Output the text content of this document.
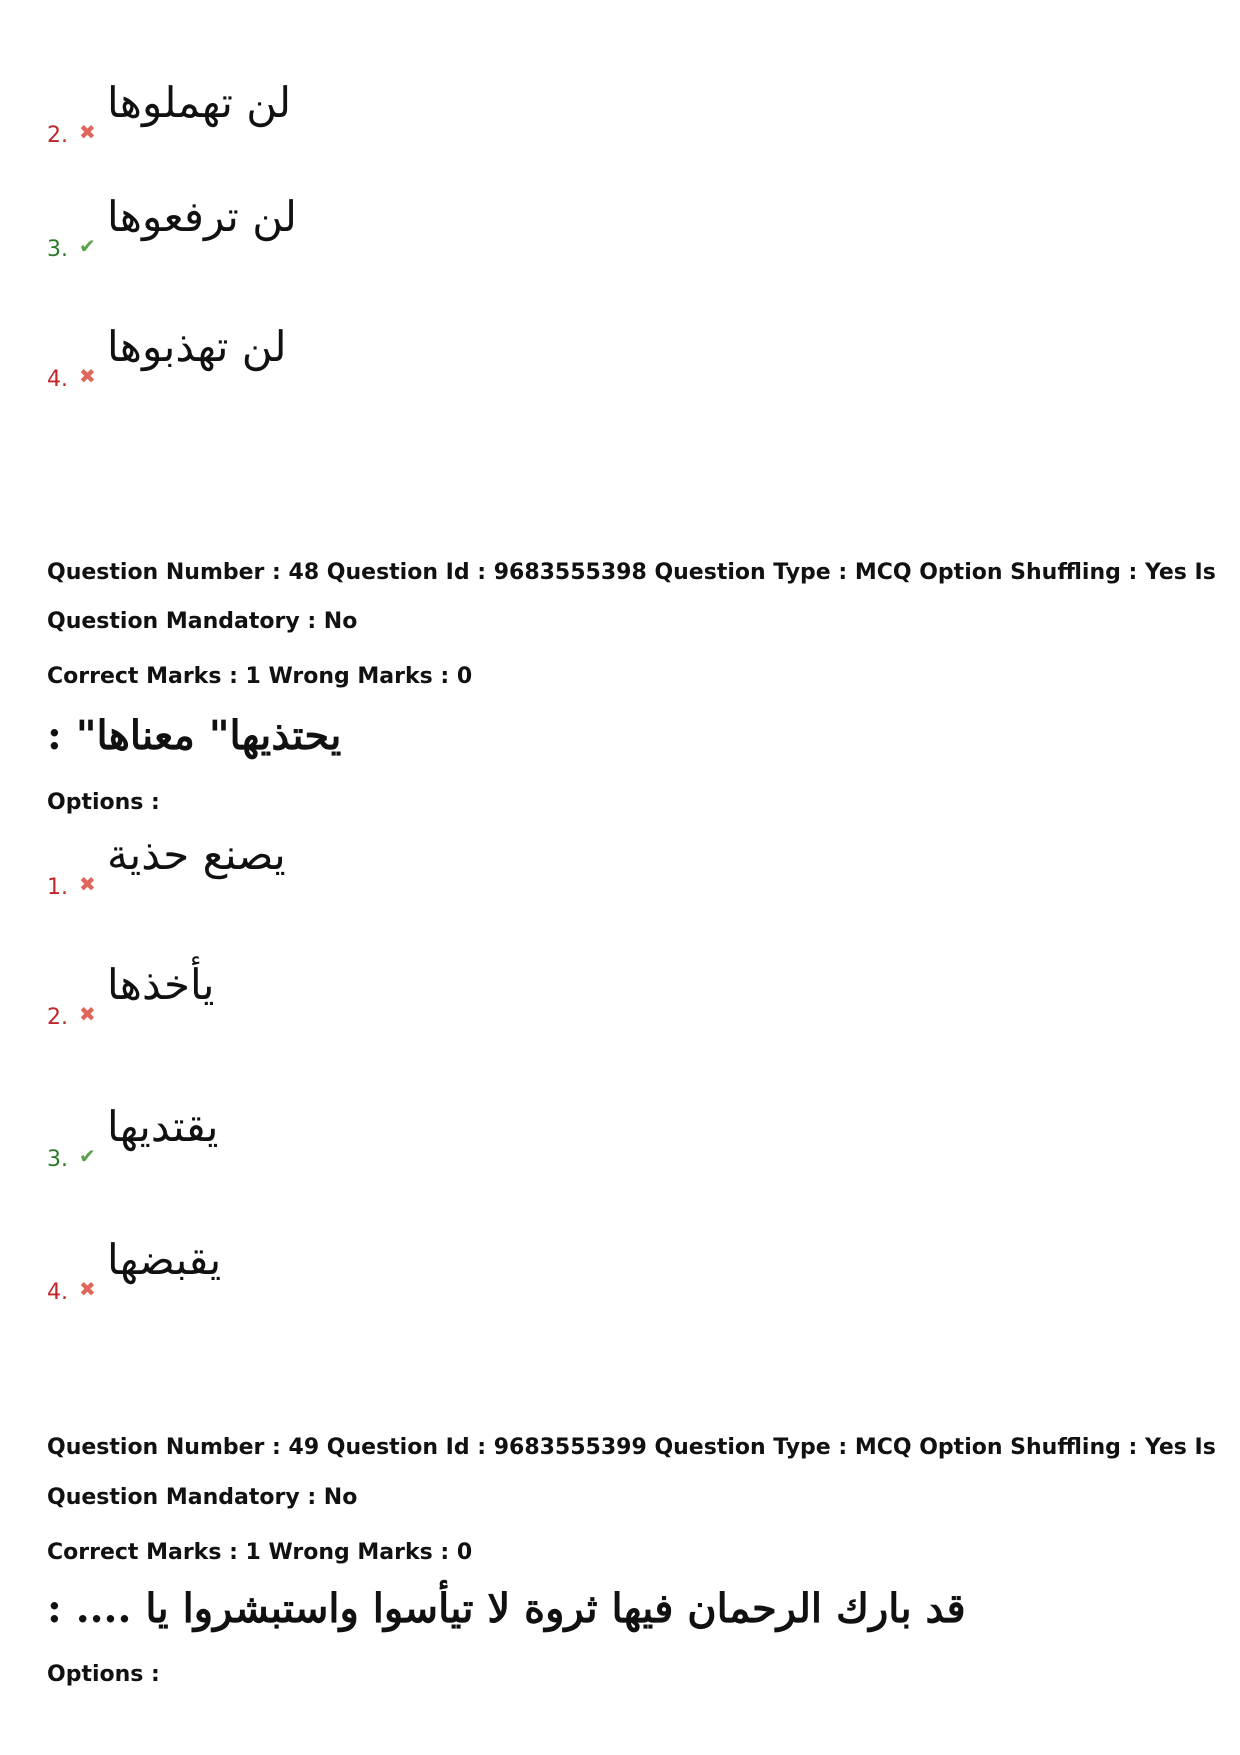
2. ✖
لن تهملوها
3. ✔
لن ترفعوها
4. ✖
لن تهذبوها
Question Number : 48 Question Id : 9683555398 Question Type : MCQ Option Shuffling : Yes Is
Question Mandatory : No
Correct Marks : 1 Wrong Marks : 0
: "يحتذيها" معناها
Options :
1. ✖
يصنع حذية
2. ✖
يأخذها
3. ✔
يقتديها
4. ✖
يقبضها
Question Number : 49 Question Id : 9683555399 Question Type : MCQ Option Shuffling : Yes Is
Question Mandatory : No
Correct Marks : 1 Wrong Marks : 0
: .... قد بارك الرحمان فيها ثروة لا تيأسوا واستبشروا يا
Options :
